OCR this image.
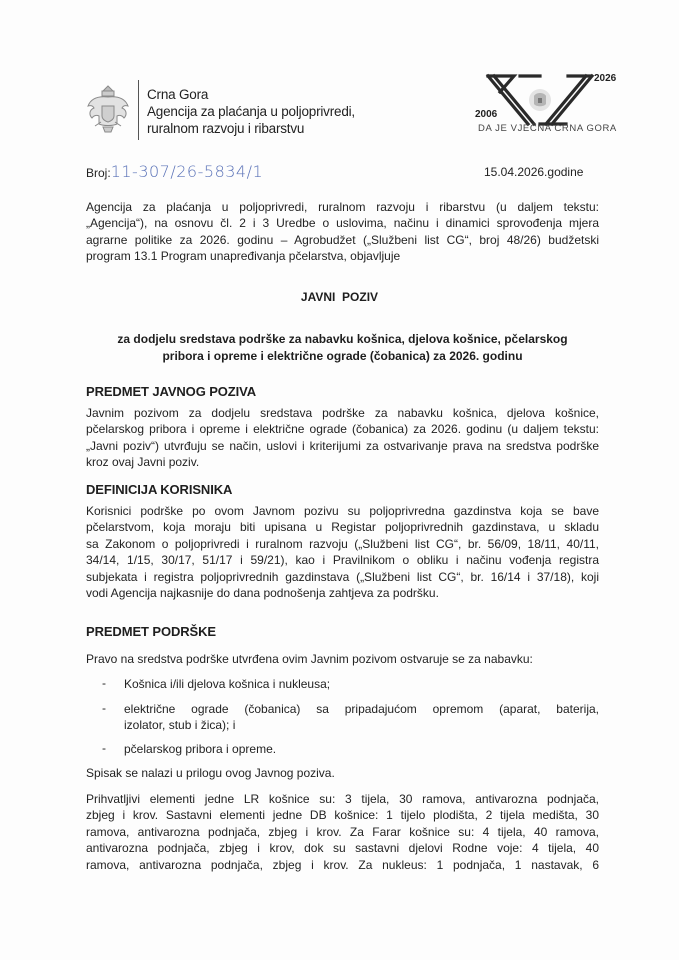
Crna Gora
Agencija za plaćanja u poljoprivredi,
ruralnom razvoju i ribarstvu
2026
2006
DA JE VJEČNA CRNA GORA
Broj:11-307/26-5834/1	15.04.2026.godine
Agencija za plaćanja u poljoprivredi, ruralnom razvoju i ribarstvu (u daljem tekstu:
„Agencija“), na osnovu čl. 2 i 3 Uredbe o uslovima, načinu i dinamici sprovođenja mjera
agrarne politike za 2026. godinu – Agrobudžet („Službeni list CG“, broj 48/26) budžetski
program 13.1 Program unapređivanja pčelarstva, objavljuje
JAVNI  POZIV
za dodjelu sredstava podrške za nabavku košnica, djelova košnice, pčelarskog
pribora i opreme i električne ograde (čobanica) za 2026. godinu
PREDMET JAVNOG POZIVA
Javnim pozivom za dodjelu sredstava podrške za nabavku košnica, djelova košnice,
pčelarskog pribora i opreme i električne ograde (čobanica) za 2026. godinu (u daljem tekstu:
„Javni poziv“) utvrđuju se način, uslovi i kriterijumi za ostvarivanje prava na sredstva podrške
kroz ovaj Javni poziv.
DEFINICIJA KORISNIKA
Korisnici podrške po ovom Javnom pozivu su poljoprivredna gazdinstva koja se bave
pčelarstvom, koja moraju biti upisana u Registar poljoprivrednih gazdinstava, u skladu
sa Zakonom o poljoprivredi i ruralnom razvoju („Službeni list CG“, br. 56/09, 18/11, 40/11,
34/14, 1/15, 30/17, 51/17 i 59/21), kao i Pravilnikom o obliku i načinu vođenja registra
subjekata i registra poljoprivrednih gazdinstava („Službeni list CG“, br. 16/14 i 37/18), koji
vodi Agencija najkasnije do dana podnošenja zahtjeva za podršku.
PREDMET PODRŠKE
Pravo na sredstva podrške utvrđena ovim Javnim pozivom ostvaruje se za nabavku:
- Košnica i/ili djelova košnica i nukleusa;
- električne ograde (čobanica) sa pripadajućom opremom (aparat, baterija,
izolator, stub i žica); i
- pčelarskog pribora i opreme.
Spisak se nalazi u prilogu ovog Javnog poziva.
Prihvatljivi elementi jedne LR košnice su: 3 tijela, 30 ramova, antivarozna podnjača,
zbjeg i krov. Sastavni elementi jedne DB košnice: 1 tijelo plodišta, 2 tijela medišta, 30
ramova, antivarozna podnjača, zbjeg i krov. Za Farar košnice su: 4 tijela, 40 ramova,
antivarozna podnjača, zbjeg i krov, dok su sastavni djelovi Rodne voje: 4 tijela, 40
ramova, antivarozna podnjača, zbjeg i krov. Za nukleus: 1 podnjača, 1 nastavak, 6
